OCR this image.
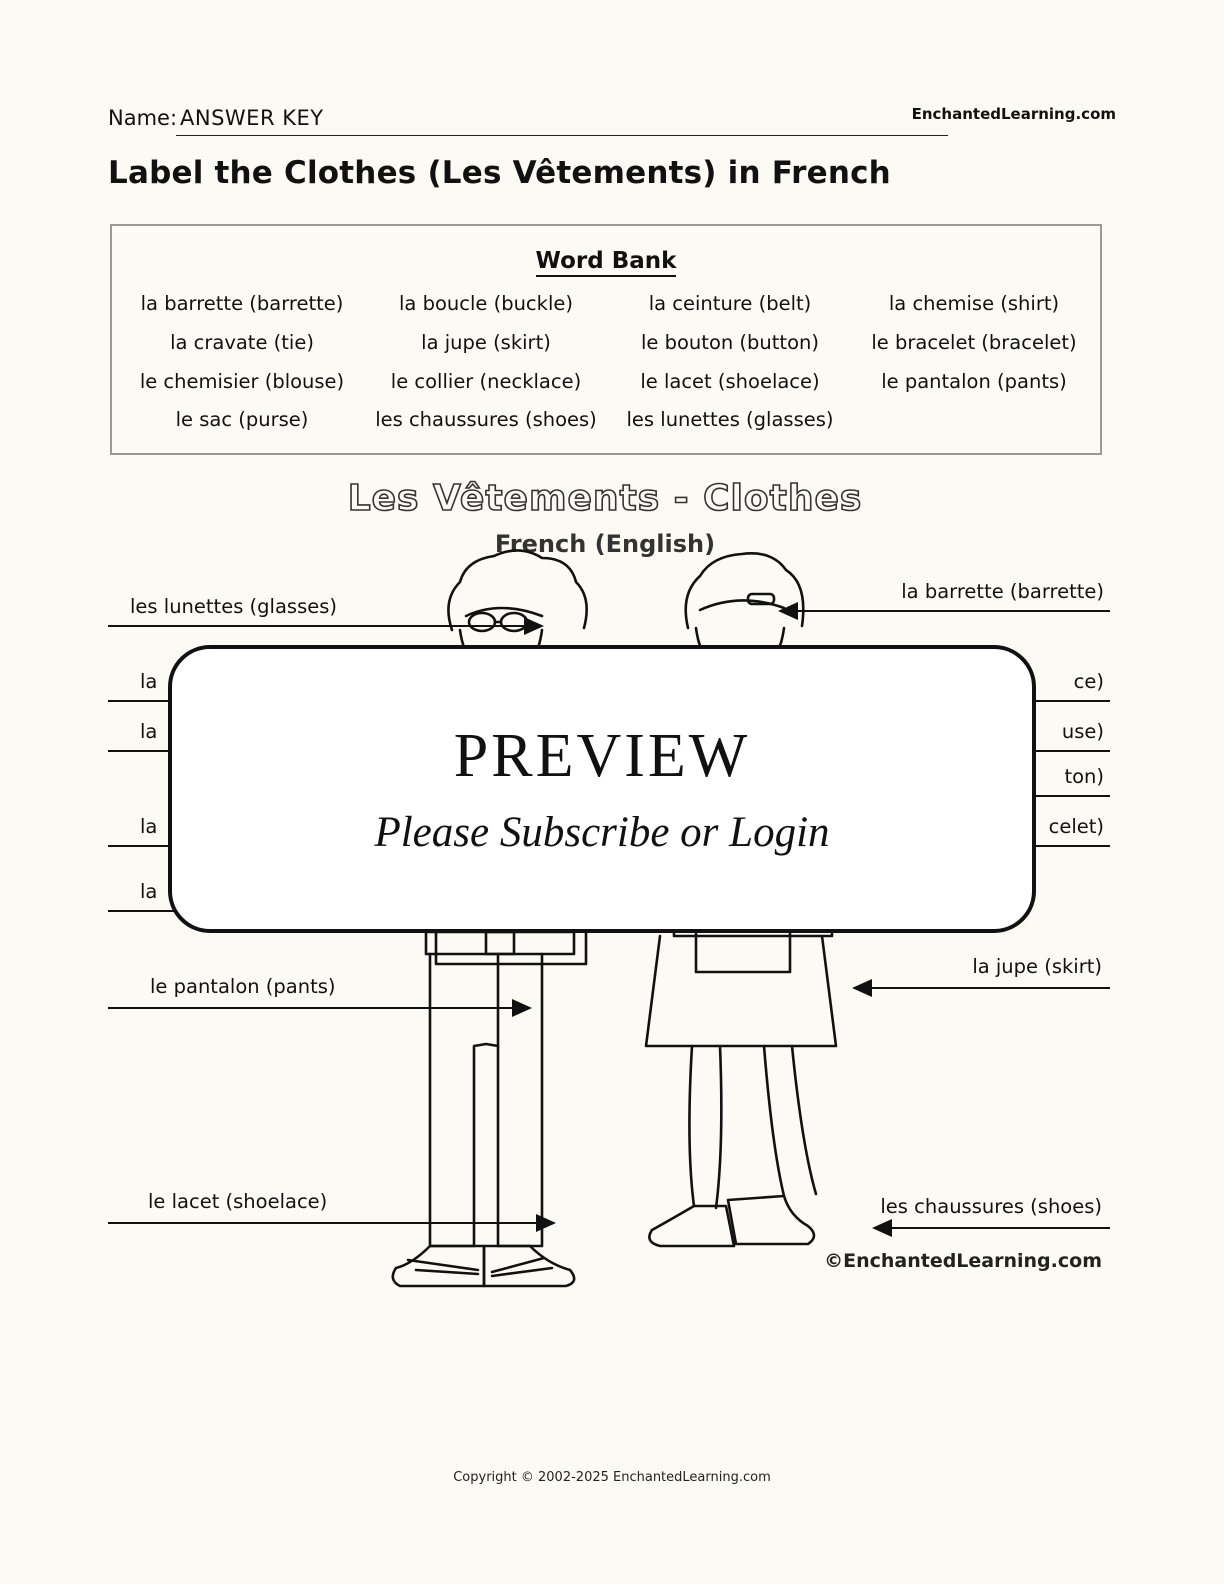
Name: ANSWER KEY	EnchantedLearning.com
Label the Clothes (Les Vêtements) in French
Word Bank
la barrette (barrette)	la boucle (buckle)	la ceinture (belt)	la chemise (shirt)
la cravate (tie)	la jupe (skirt)	le bouton (button)	le bracelet (bracelet)
le chemisier (blouse)	le collier (necklace)	le lacet (shoelace)	le pantalon (pants)
le sac (purse)	les chaussures (shoes)	les lunettes (glasses)
Les Vêtements - Clothes
French (English)
les lunettes (glasses)
la
la
la
la
le pantalon (pants)
le lacet (shoelace)
la barrette (barrette)
ce)
use)
ton)
celet)
la jupe (skirt)
les chaussures (shoes)
©EnchantedLearning.com
PREVIEW
Please Subscribe or Login
Copyright © 2002-2025 EnchantedLearning.com
